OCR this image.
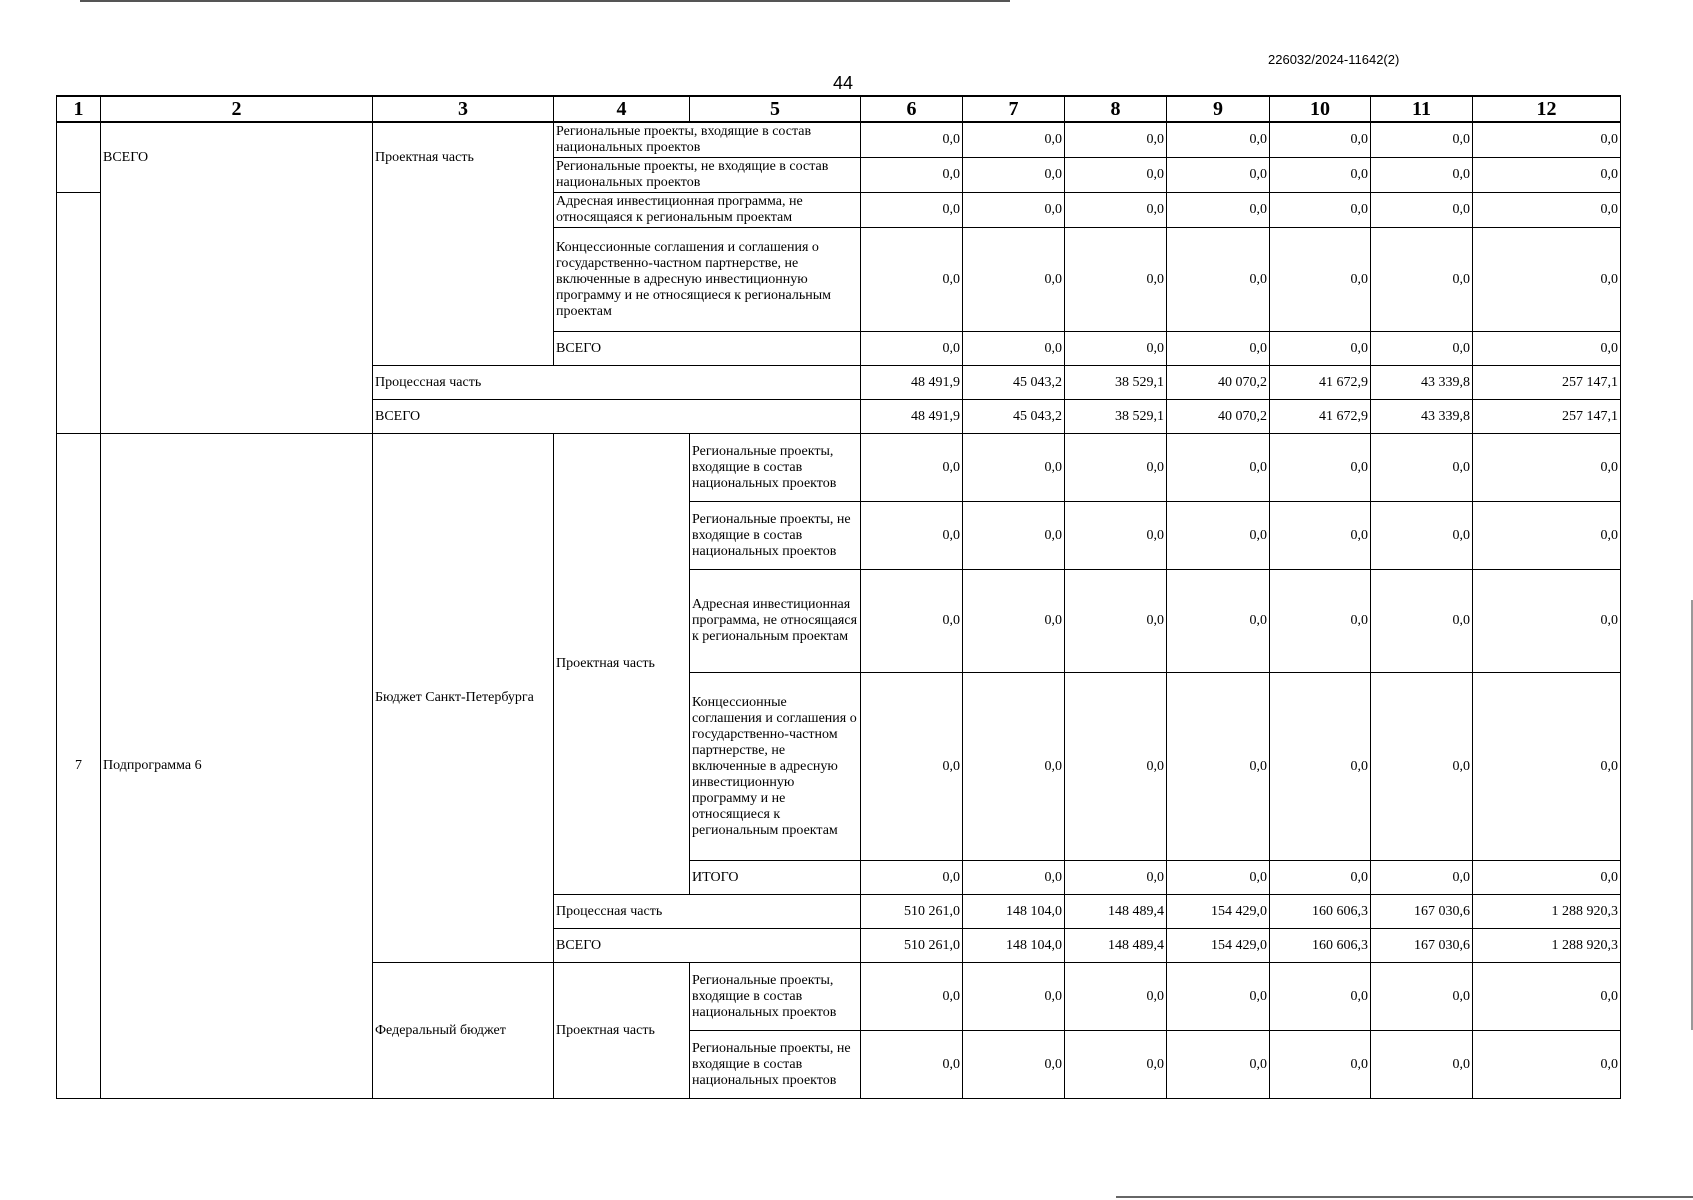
226032/2024-11642(2)
44
1	2	3	4	5	6	7	8	9	10	11	12
	ВСЕГО	Проектная часть	Региональные проекты, входящие в состав национальных проектов		0,0	0,0	0,0	0,0	0,0	0,0	0,0
			Региональные проекты, не входящие в состав национальных проектов		0,0	0,0	0,0	0,0	0,0	0,0	0,0
			Адресная инвестиционная программа, не относящаяся к региональным проектам		0,0	0,0	0,0	0,0	0,0	0,0	0,0
			Концессионные соглашения и соглашения о государственно-частном партнерстве, не включенные в адресную инвестиционную программу и не относящиеся к региональным проектам		0,0	0,0	0,0	0,0	0,0	0,0	0,0
			ВСЕГО		0,0	0,0	0,0	0,0	0,0	0,0	0,0
		Процессная часть			48 491,9	45 043,2	38 529,1	40 070,2	41 672,9	43 339,8	257 147,1
		ВСЕГО			48 491,9	45 043,2	38 529,1	40 070,2	41 672,9	43 339,8	257 147,1
7	Подпрограмма 6	Бюджет Санкт-Петербурга	Проектная часть	Региональные проекты, входящие в состав национальных проектов	0,0	0,0	0,0	0,0	0,0	0,0	0,0
				Региональные проекты, не входящие в состав национальных проектов	0,0	0,0	0,0	0,0	0,0	0,0	0,0
				Адресная инвестиционная программа, не относящаяся к региональным проектам	0,0	0,0	0,0	0,0	0,0	0,0	0,0
				Концессионные соглашения и соглашения о государственно-частном партнерстве, не включенные в адресную инвестиционную программу и не относящиеся к региональным проектам	0,0	0,0	0,0	0,0	0,0	0,0	0,0
				ИТОГО	0,0	0,0	0,0	0,0	0,0	0,0	0,0

			Процессная часть		510 261,0	148 104,0	148 489,4	154 429,0	160 606,3	167 030,6	1 288 920,3
			ВСЕГО		510 261,0	148 104,0	148 489,4	154 429,0	160 606,3	167 030,6	1 288 920,3
		Федеральный бюджет	Проектная часть	Региональные проекты, входящие в состав национальных проектов	0,0	0,0	0,0	0,0	0,0	0,0	0,0
				Региональные проекты, не входящие в состав национальных проектов	0,0	0,0	0,0	0,0	0,0	0,0	0,0
